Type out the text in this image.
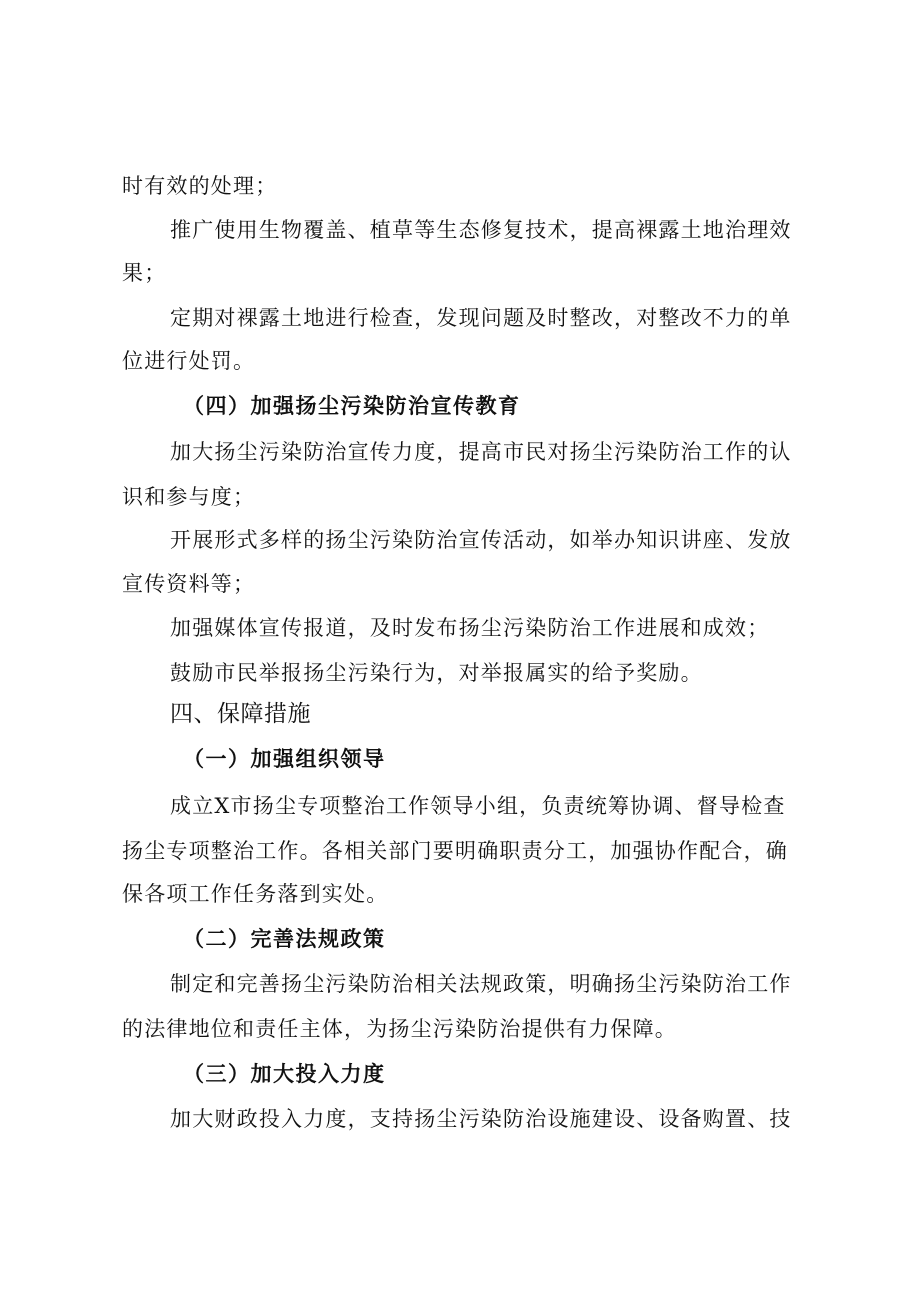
时有效的处理；

推广使用生物覆盖、植草等生态修复技术，提高裸露土地治理效

果；

定期对裸露土地进行检查，发现问题及时整改，对整改不力的单

位进行处罚。

（四）加强扬尘污染防治宣传教育

加大扬尘污染防治宣传力度，提高市民对扬尘污染防治工作的认

识和参与度；

开展形式多样的扬尘污染防治宣传活动，如举办知识讲座、发放

宣传资料等；

加强媒体宣传报道，及时发布扬尘污染防治工作进展和成效；

鼓励市民举报扬尘污染行为，对举报属实的给予奖励。

四、保障措施

（一）加强组织领导

成立X市扬尘专项整治工作领导小组，负责统筹协调、督导检查

扬尘专项整治工作。各相关部门要明确职责分工，加强协作配合，确

保各项工作任务落到实处。

（二）完善法规政策

制定和完善扬尘污染防治相关法规政策，明确扬尘污染防治工作

的法律地位和责任主体，为扬尘污染防治提供有力保障。

（三）加大投入力度

加大财政投入力度，支持扬尘污染防治设施建设、设备购置、技
